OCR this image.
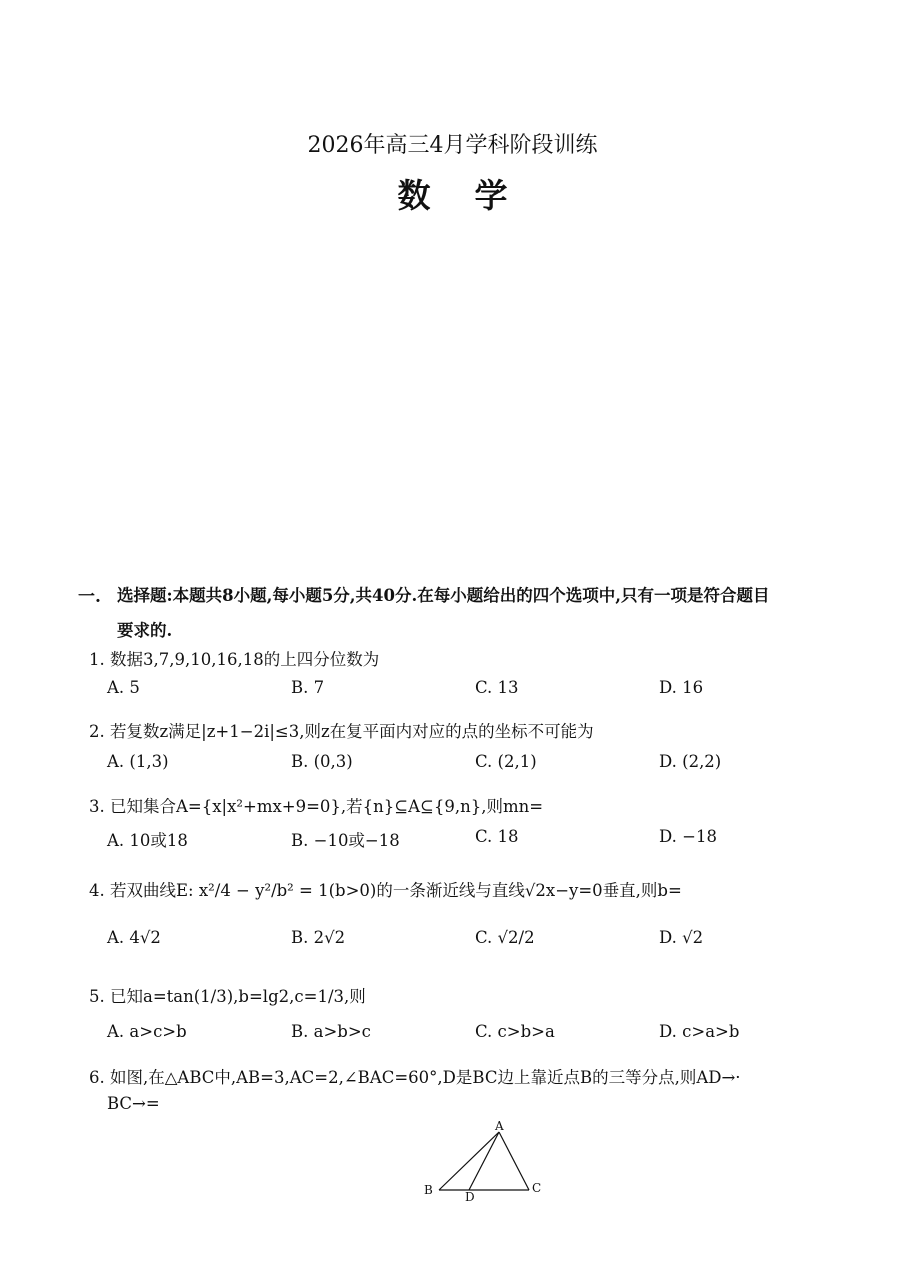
2026年高三4月学科阶段训练
数学
一. 选择题:本题共8小题,每小题5分,共40分.在每小题给出的四个选项中,只有一项是符合题目
要求的.
1. 数据3,7,9,10,16,18的上四分位数为
A. 5	B. 7	C. 13	D. 16
2. 若复数z满足|z+1−2i|≤3,则z在复平面内对应的点的坐标不可能为
A. (1,3)	B. (0,3)	C. (2,1)	D. (2,2)
3. 已知集合A={x|x²+mx+9=0},若{n}⊆A⊆{9,n},则mn=
A. 10或18	B. −10或−18	C. 18	D. −18
4. 若双曲线E: x²/4 − y²/b² = 1(b>0)的一条渐近线与直线√2x−y=0垂直,则b=
A. 4√2	B. 2√2	C. √2/2	D. √2
5. 已知a=tan(1/3),b=lg2,c=1/3,则
A. a>c>b	B. a>b>c	C. c>b>a	D. c>a>b
6. 如图,在△ABC中,AB=3,AC=2,∠BAC=60°,D是BC边上靠近点B的三等分点,则AD→·
BC→=
A
B	C
D
